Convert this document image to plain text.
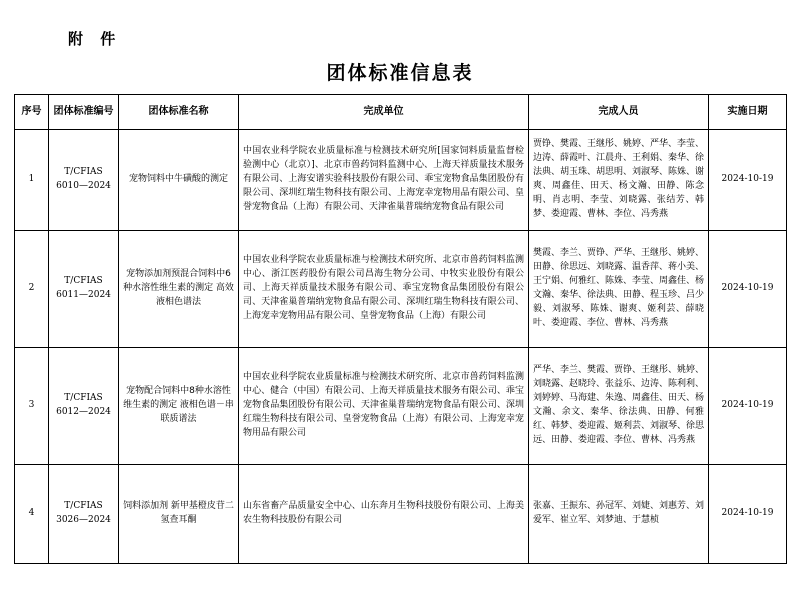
附 件
团体标准信息表
序号	团体标准编号	团体标准名称	完成单位	完成人员	实施日期
1	T/CFIAS 6010—2024	宠物饲料中牛磺酸的测定	中国农业科学院农业质量标准与检测技术研究所[国家饲料质量监督检验测中心（北京）]、北京市兽药饲料监测中心、上海天祥质量技术服务有限公司、上海安谱实验科技股份有限公司、乖宝宠物食品集团股份有限公司、深圳红瑞生物科技有限公司、上海宠幸宠物用品有限公司、皇誉宠物食品（上海）有限公司、天津雀巢普瑞纳宠物食品有限公司	贾铮、樊霞、王继彤、姚婷、严华、李莹、边涛、薛霞叶、江晨舟、王利娟、秦华、徐法典、胡玉珠、胡思明、刘淑琴、陈姝、谢爽、周鑫佳、田天、杨文瀚、田静、陈念明、肖志明、李莹、刘晓露、张结芳、韩梦、娄迎霞、曹林、李位、冯秀燕	2024-10-19
2	T/CFIAS 6011—2024	宠物添加剂预混合饲料中6种水溶性维生素的测定 高效液相色谱法	中国农业科学院农业质量标准与检测技术研究所、北京市兽药饲料监测中心、浙江医药股份有限公司昌海生物分公司、中牧实业股份有限公司、上海天祥质量技术服务有限公司、乖宝宠物食品集团股份有限公司、天津雀巢普瑞纳宠物食品有限公司、深圳红瑞生物科技有限公司、上海宠幸宠物用品有限公司、皇誉宠物食品（上海）有限公司	樊霞、李兰、贾铮、严华、王继彤、姚婷、田静、徐思远、刘晓露、温香萍、蒋小美、王宁娟、何雅红、陈姝、李莹、周鑫佳、杨文瀚、秦华、徐法典、田静、程玉珍、吕少毅、刘淑琴、陈姝、谢爽、姬利芸、薛晓叶、娄迎霞、李位、曹林、冯秀燕	2024-10-19
3	T/CFIAS 6012—2024	宠物配合饲料中8种水溶性维生素的测定 液相色谱－串联质谱法	中国农业科学院农业质量标准与检测技术研究所、北京市兽药饲料监测中心、健合（中国）有限公司、上海天祥质量技术服务有限公司、乖宝宠物食品集团股份有限公司、天津雀巢普瑞纳宠物食品有限公司、深圳红瑞生物科技有限公司、皇誉宠物食品（上海）有限公司、上海宠幸宠物用品有限公司	严华、李兰、樊霞、贾铮、王继彤、姚婷、刘晓露、赵晓玲、张益乐、边涛、陈利利、刘婷婷、马海建、朱逸、周鑫佳、田天、杨文瀚、余文、秦华、徐法典、田静、何雅红、韩梦、娄迎霞、姬利芸、刘淑琴、徐思远、田静、娄迎霞、李位、曹林、冯秀燕	2024-10-19
4	T/CFIAS 3026—2024	饲料添加剂 新甲基橙皮苷二氢查耳酮	山东省畜产品质量安全中心、山东奔月生物科技股份有限公司、上海美农生物科技股份有限公司	张嘉、王振东、孙冠军、刘婕、刘惠芳、刘爱军、崔立军、刘梦迪、于慧桢	2024-10-19
